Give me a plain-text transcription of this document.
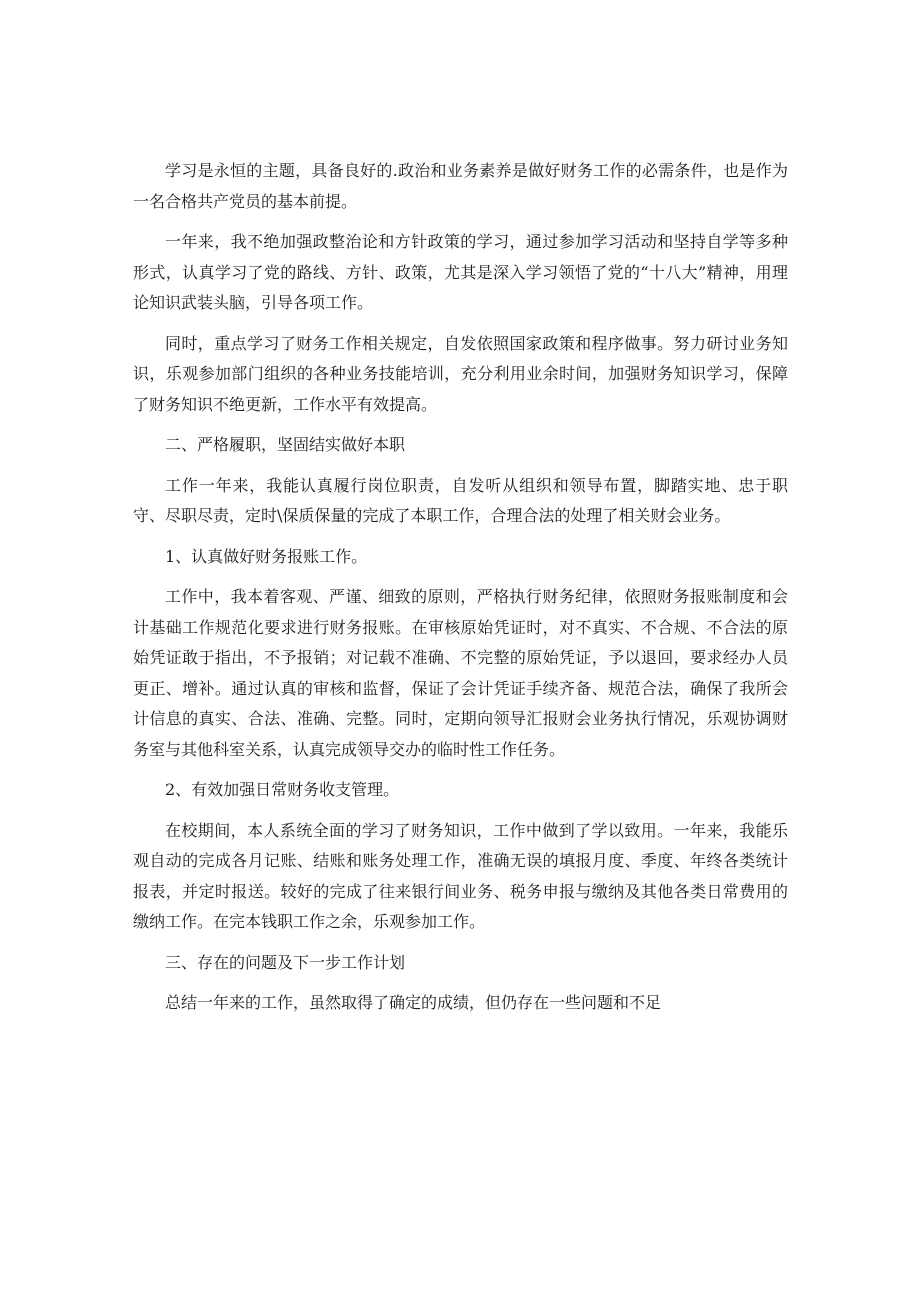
学习是永恒的主题，具备良好的.政治和业务素养是做好财务工作的必需条件，也是作为一名合格共产党员的基本前提。

一年来，我不绝加强政整治论和方针政策的学习，通过参加学习活动和坚持自学等多种形式，认真学习了党的路线、方针、政策，尤其是深入学习领悟了党的“十八大”精神，用理论知识武装头脑，引导各项工作。

同时，重点学习了财务工作相关规定，自发依照国家政策和程序做事。努力研讨业务知识，乐观参加部门组织的各种业务技能培训，充分利用业余时间，加强财务知识学习，保障了财务知识不绝更新，工作水平有效提高。

二、严格履职，坚固结实做好本职

工作一年来，我能认真履行岗位职责，自发听从组织和领导布置，脚踏实地、忠于职守、尽职尽责，定时\保质保量的完成了本职工作，合理合法的处理了相关财会业务。

1、认真做好财务报账工作。

工作中，我本着客观、严谨、细致的原则，严格执行财务纪律，依照财务报账制度和会计基础工作规范化要求进行财务报账。在审核原始凭证时，对不真实、不合规、不合法的原始凭证敢于指出，不予报销；对记载不准确、不完整的原始凭证，予以退回，要求经办人员更正、增补。通过认真的审核和监督，保证了会计凭证手续齐备、规范合法，确保了我所会计信息的真实、合法、准确、完整。同时，定期向领导汇报财会业务执行情况，乐观协调财务室与其他科室关系，认真完成领导交办的临时性工作任务。

2、有效加强日常财务收支管理。

在校期间，本人系统全面的学习了财务知识，工作中做到了学以致用。一年来，我能乐观自动的完成各月记账、结账和账务处理工作，准确无误的填报月度、季度、年终各类统计报表，并定时报送。较好的完成了往来银行间业务、税务申报与缴纳及其他各类日常费用的缴纳工作。在完本钱职工作之余，乐观参加工作。

三、存在的问题及下一步工作计划

总结一年来的工作，虽然取得了确定的成绩，但仍存在一些问题和不足
